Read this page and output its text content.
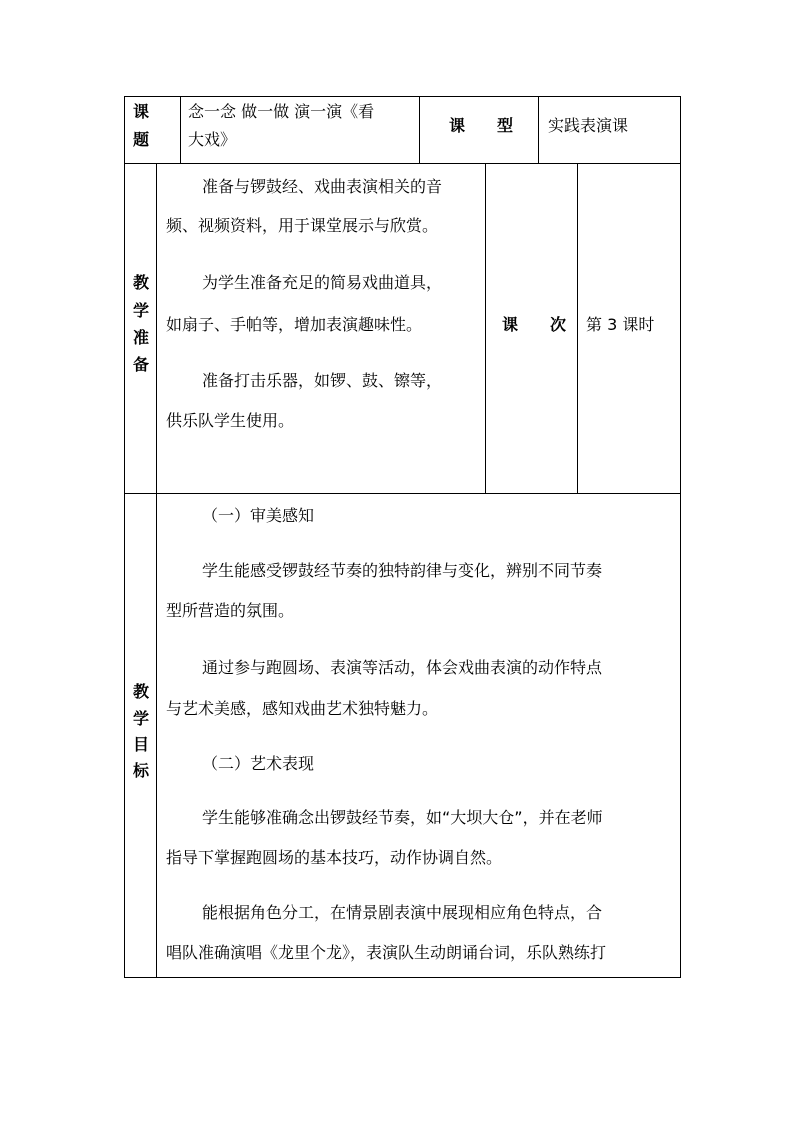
课
题
念一念 做一做 演一演《看
大戏》
课　　型 实践表演课
教
学
准
备
准备与锣鼓经、戏曲表演相关的音
频、视频资料，用于课堂展示与欣赏。
为学生准备充足的简易戏曲道具，
如扇子、手帕等，增加表演趣味性。
准备打击乐器，如锣、鼓、镲等，
供乐队学生使用。
课　　次 第 3 课时
教
学
目
标
（一）审美感知
学生能感受锣鼓经节奏的独特韵律与变化，辨别不同节奏
型所营造的氛围。
通过参与跑圆场、表演等活动，体会戏曲表演的动作特点
与艺术美感，感知戏曲艺术独特魅力。
（二）艺术表现
学生能够准确念出锣鼓经节奏，如“大坝大仓”，并在老师
指导下掌握跑圆场的基本技巧，动作协调自然。
能根据角色分工，在情景剧表演中展现相应角色特点，合
唱队准确演唱《龙里个龙》，表演队生动朗诵台词，乐队熟练打
